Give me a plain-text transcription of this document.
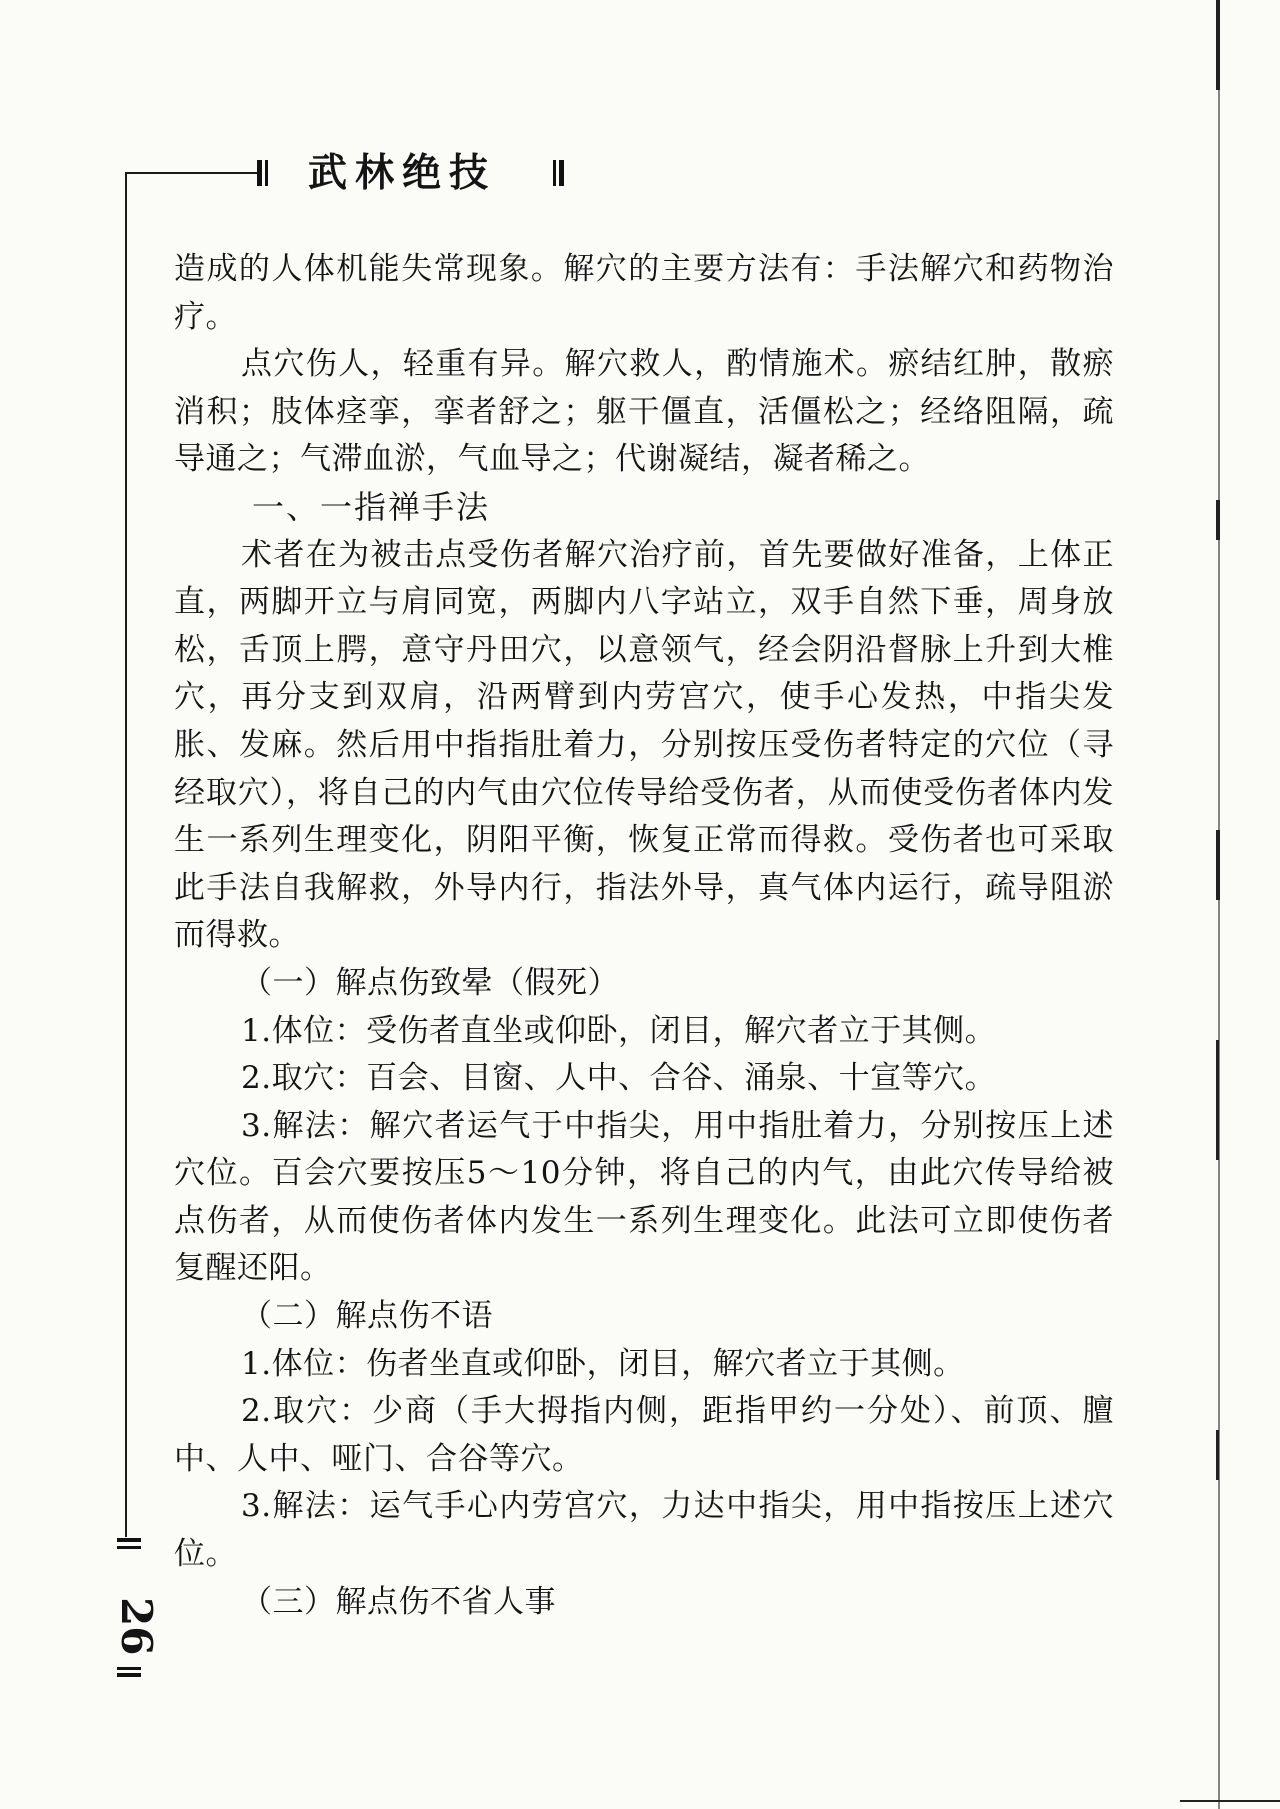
武林绝技

造成的人体机能失常现象。解穴的主要方法有：手法解穴和药物治疗。

点穴伤人，轻重有异。解穴救人，酌情施术。瘀结红肿，散瘀消积；肢体痉挛，挛者舒之；躯干僵直，活僵松之；经络阻隔，疏导通之；气滞血淤，气血导之；代谢凝结，凝者稀之。

一、一指禅手法

术者在为被击点受伤者解穴治疗前，首先要做好准备，上体正直，两脚开立与肩同宽，两脚内八字站立，双手自然下垂，周身放松，舌顶上腭，意守丹田穴，以意领气，经会阴沿督脉上升到大椎穴，再分支到双肩，沿两臂到内劳宫穴，使手心发热，中指尖发胀、发麻。然后用中指指肚着力，分别按压受伤者特定的穴位（寻经取穴），将自己的内气由穴位传导给受伤者，从而使受伤者体内发生一系列生理变化，阴阳平衡，恢复正常而得救。受伤者也可采取此手法自我解救，外导内行，指法外导，真气体内运行，疏导阻淤而得救。

（一）解点伤致晕（假死）

1.体位：受伤者直坐或仰卧，闭目，解穴者立于其侧。

2.取穴：百会、目窗、人中、合谷、涌泉、十宣等穴。

3.解法：解穴者运气于中指尖，用中指肚着力，分别按压上述穴位。百会穴要按压5～10分钟，将自己的内气，由此穴传导给被点伤者，从而使伤者体内发生一系列生理变化。此法可立即使伤者复醒还阳。

（二）解点伤不语

1.体位：伤者坐直或仰卧，闭目，解穴者立于其侧。

2.取穴：少商（手大拇指内侧，距指甲约一分处）、前顶、膻中、人中、哑门、合谷等穴。

3.解法：运气手心内劳宫穴，力达中指尖，用中指按压上述穴位。

（三）解点伤不省人事

26
